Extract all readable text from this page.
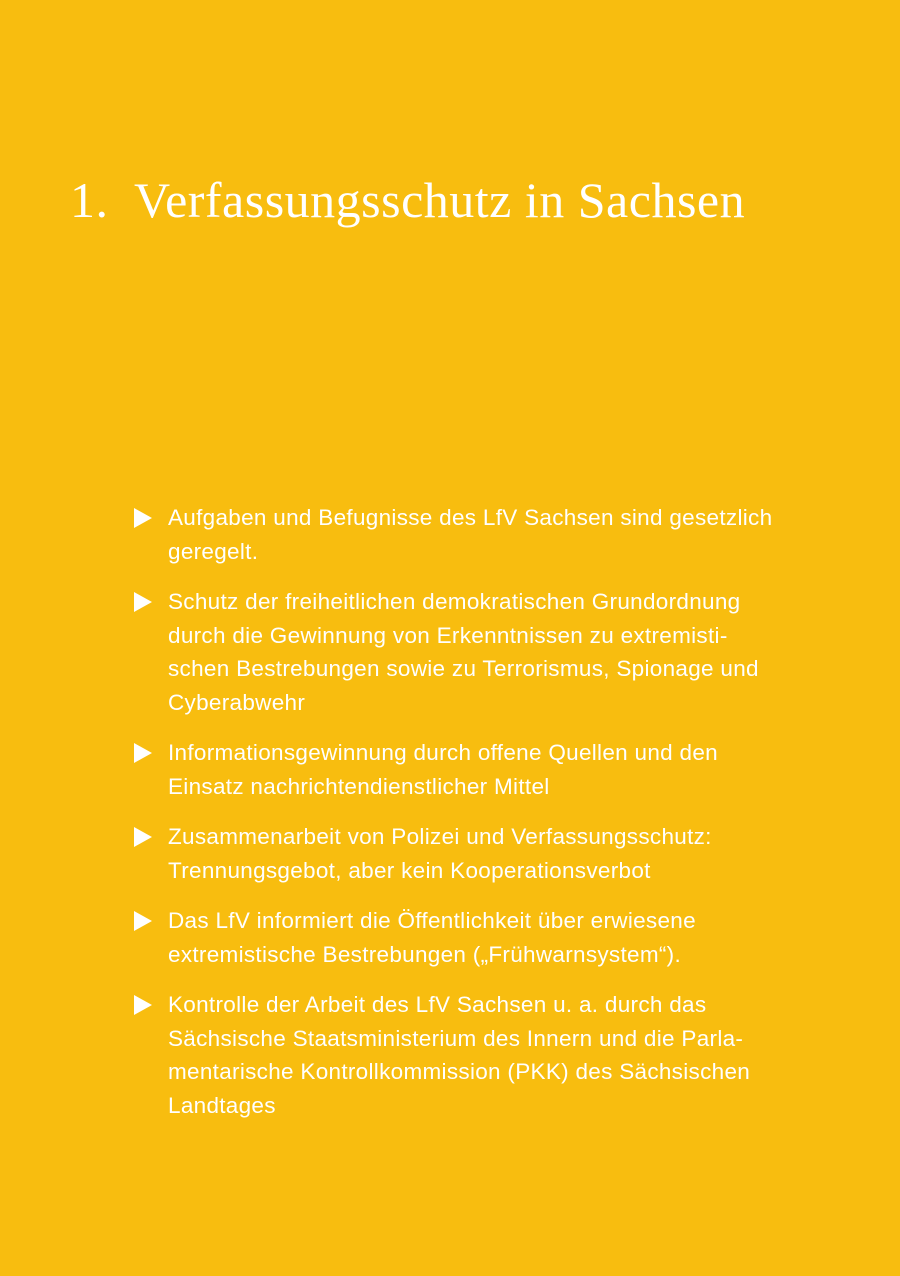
1. Verfassungsschutz in Sachsen
Aufgaben und Befugnisse des LfV Sachsen sind gesetzlich
geregelt.
Schutz der freiheitlichen demokratischen Grundordnung
durch die Gewinnung von Erkenntnissen zu extremisti-
schen Bestrebungen sowie zu Terrorismus, Spionage und
Cyberabwehr
Informationsgewinnung durch offene Quellen und den
Einsatz nachrichtendienstlicher Mittel
Zusammenarbeit von Polizei und Verfassungsschutz:
Trennungsgebot, aber kein Kooperationsverbot
Das LfV informiert die Öffentlichkeit über erwiesene
extremistische Bestrebungen („Frühwarnsystem“).
Kontrolle der Arbeit des LfV Sachsen u. a. durch das
Sächsische Staatsministerium des Innern und die Parla-
mentarische Kontrollkommission (PKK) des Sächsischen
Landtages
